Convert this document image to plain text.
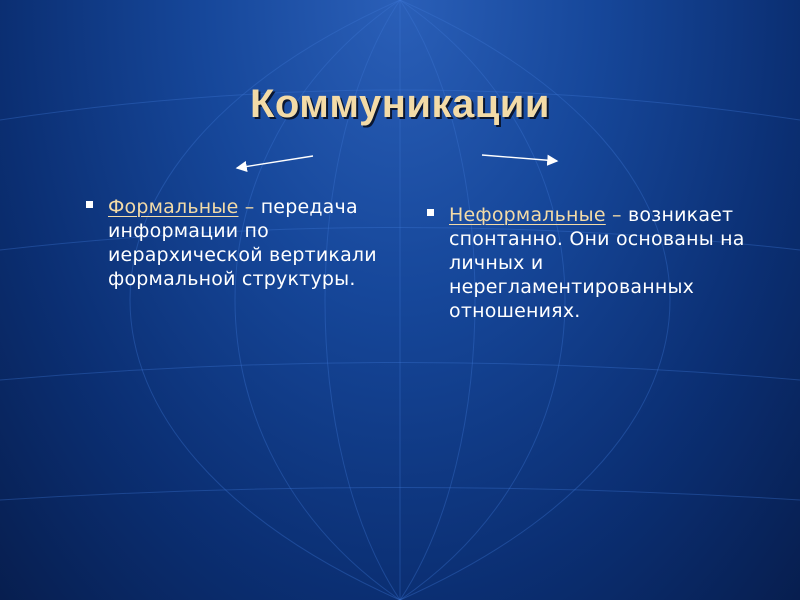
Коммуникации
Формальные – передача информации по иерархической вертикали формальной структуры.
Неформальные – возникает спонтанно. Они основаны на личных и нерегламентированных отношениях.
